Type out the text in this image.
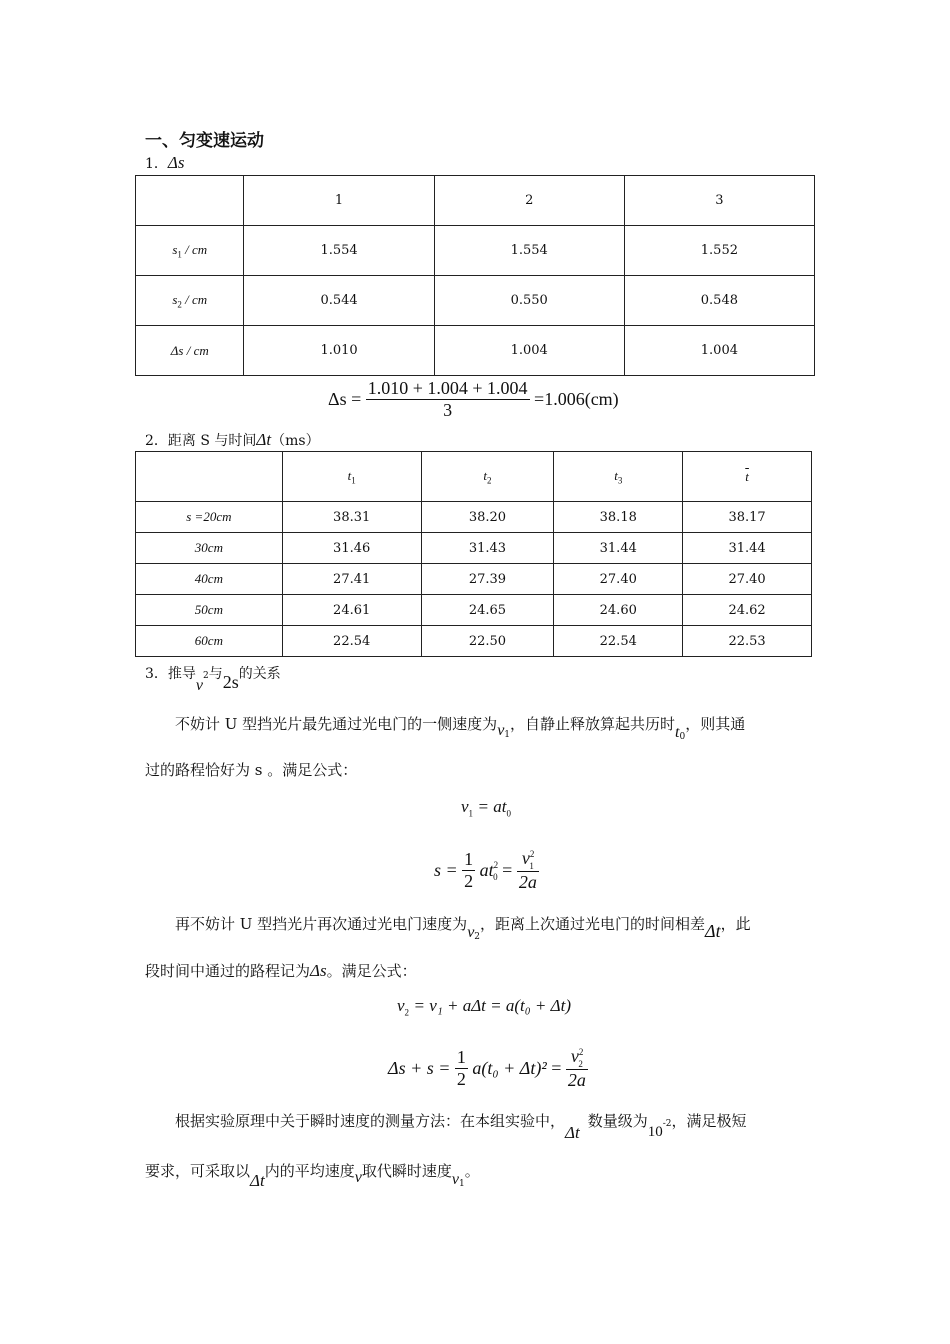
一、匀变速运动
1．Δs
	1	2	3
$s_1$ / cm	1.554	1.554	1.552
$s_2$ / cm	0.544	0.550	0.548
Δs / cm	1.010	1.004	1.004
$\Delta s = \frac{1.010 + 1.004 + 1.004}{3} =1.006(cm)$
2．距离 S 与时间Δt（ms）
	$t_1$	$t_2$	$t_3$	$\overline{t}$
s =20cm	38.31	38.20	38.18	38.17
30cm	31.46	31.43	31.44	31.44
40cm	27.41	27.39	27.40	27.40
50cm	24.61	24.65	24.60	24.62
60cm	22.54	22.50	22.54	22.53
3．推导$v^2$与2s的关系
不妨计 U 型挡光片最先通过光电门的一侧速度为$v_1$，自静止释放算起共历时$t_0$，则其通
过的路程恰好为 s 。满足公式：
$v_1 = at_0$
$s = \frac{1}{2} at^2_0 = \frac{v^2_1}{2a}$
再不妨计 U 型挡光片再次通过光电门速度为$v_2$，距离上次通过光电门的时间相差Δt，此
段时间中通过的路程记为Δs。满足公式：
$v_2 = v_1 + a\Delta t = a(t_0 + \Delta t)$
$\Delta s + s = \frac{1}{2} a(t_0 + \Delta t)^2 = \frac{v^2_2}{2a}$
根据实验原理中关于瞬时速度的测量方法：在本组实验中，Δt数量级为$10^{-2}$，满足极短
要求，可采取以Δt内的平均速度v取代瞬时速度$v_1$。
